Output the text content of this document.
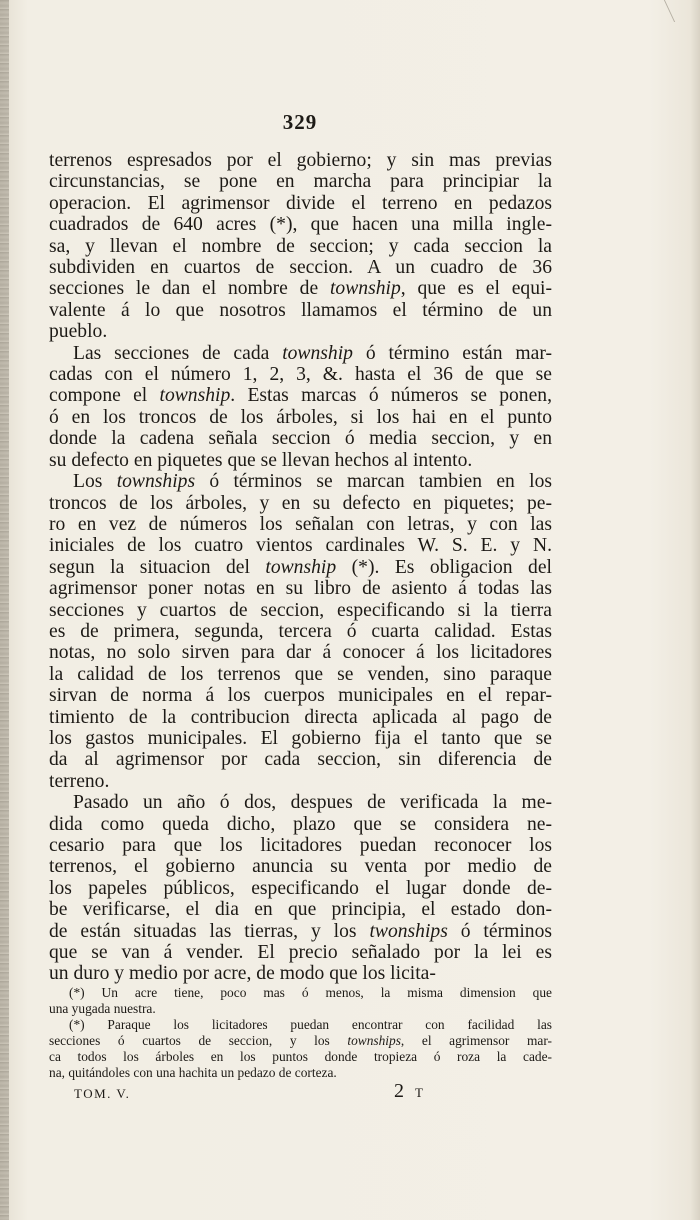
329

terrenos espresados por el gobierno; y sin mas previas

circunstancias, se pone en marcha para principiar la

operacion. El agrimensor divide el terreno en pedazos

cuadrados de 640 acres (*), que hacen una milla ingle-

sa, y llevan el nombre de seccion; y cada seccion la

subdividen en cuartos de seccion. A un cuadro de 36

secciones le dan el nombre de township, que es el equi-

valente á lo que nosotros llamamos el término de un

pueblo.

Las secciones de cada township ó término están mar-

cadas con el número 1, 2, 3, &. hasta el 36 de que se

compone el township. Estas marcas ó números se ponen,

ó en los troncos de los árboles, si los hai en el punto

donde la cadena señala seccion ó media seccion, y en

su defecto en piquetes que se llevan hechos al intento.

Los townships ó términos se marcan tambien en los

troncos de los árboles, y en su defecto en piquetes; pe-

ro en vez de números los señalan con letras, y con las

iniciales de los cuatro vientos cardinales W. S. E. y N.

segun la situacion del township (*). Es obligacion del

agrimensor poner notas en su libro de asiento á todas las

secciones y cuartos de seccion, especificando si la tierra

es de primera, segunda, tercera ó cuarta calidad. Estas

notas, no solo sirven para dar á conocer á los licitadores

la calidad de los terrenos que se venden, sino paraque

sirvan de norma á los cuerpos municipales en el repar-

timiento de la contribucion directa aplicada al pago de

los gastos municipales. El gobierno fija el tanto que se

da al agrimensor por cada seccion, sin diferencia de

terreno.

Pasado un año ó dos, despues de verificada la me-

dida como queda dicho, plazo que se considera ne-

cesario para que los licitadores puedan reconocer los

terrenos, el gobierno anuncia su venta por medio de

los papeles públicos, especificando el lugar donde de-

be verificarse, el dia en que principia, el estado don-

de están situadas las tierras, y los twonships ó términos

que se van á vender. El precio señalado por la lei es

un duro y medio por acre, de modo que los licita-

(*) Un acre tiene, poco mas ó menos, la misma dimension que

una yugada nuestra.

(*) Paraque los licitadores puedan encontrar con facilidad las

secciones ó cuartos de seccion, y los townships, el agrimensor mar-

ca todos los árboles en los puntos donde tropieza ó roza la cade-

na, quitándoles con una hachita un pedazo de corteza.

TOM. V.	2 T
